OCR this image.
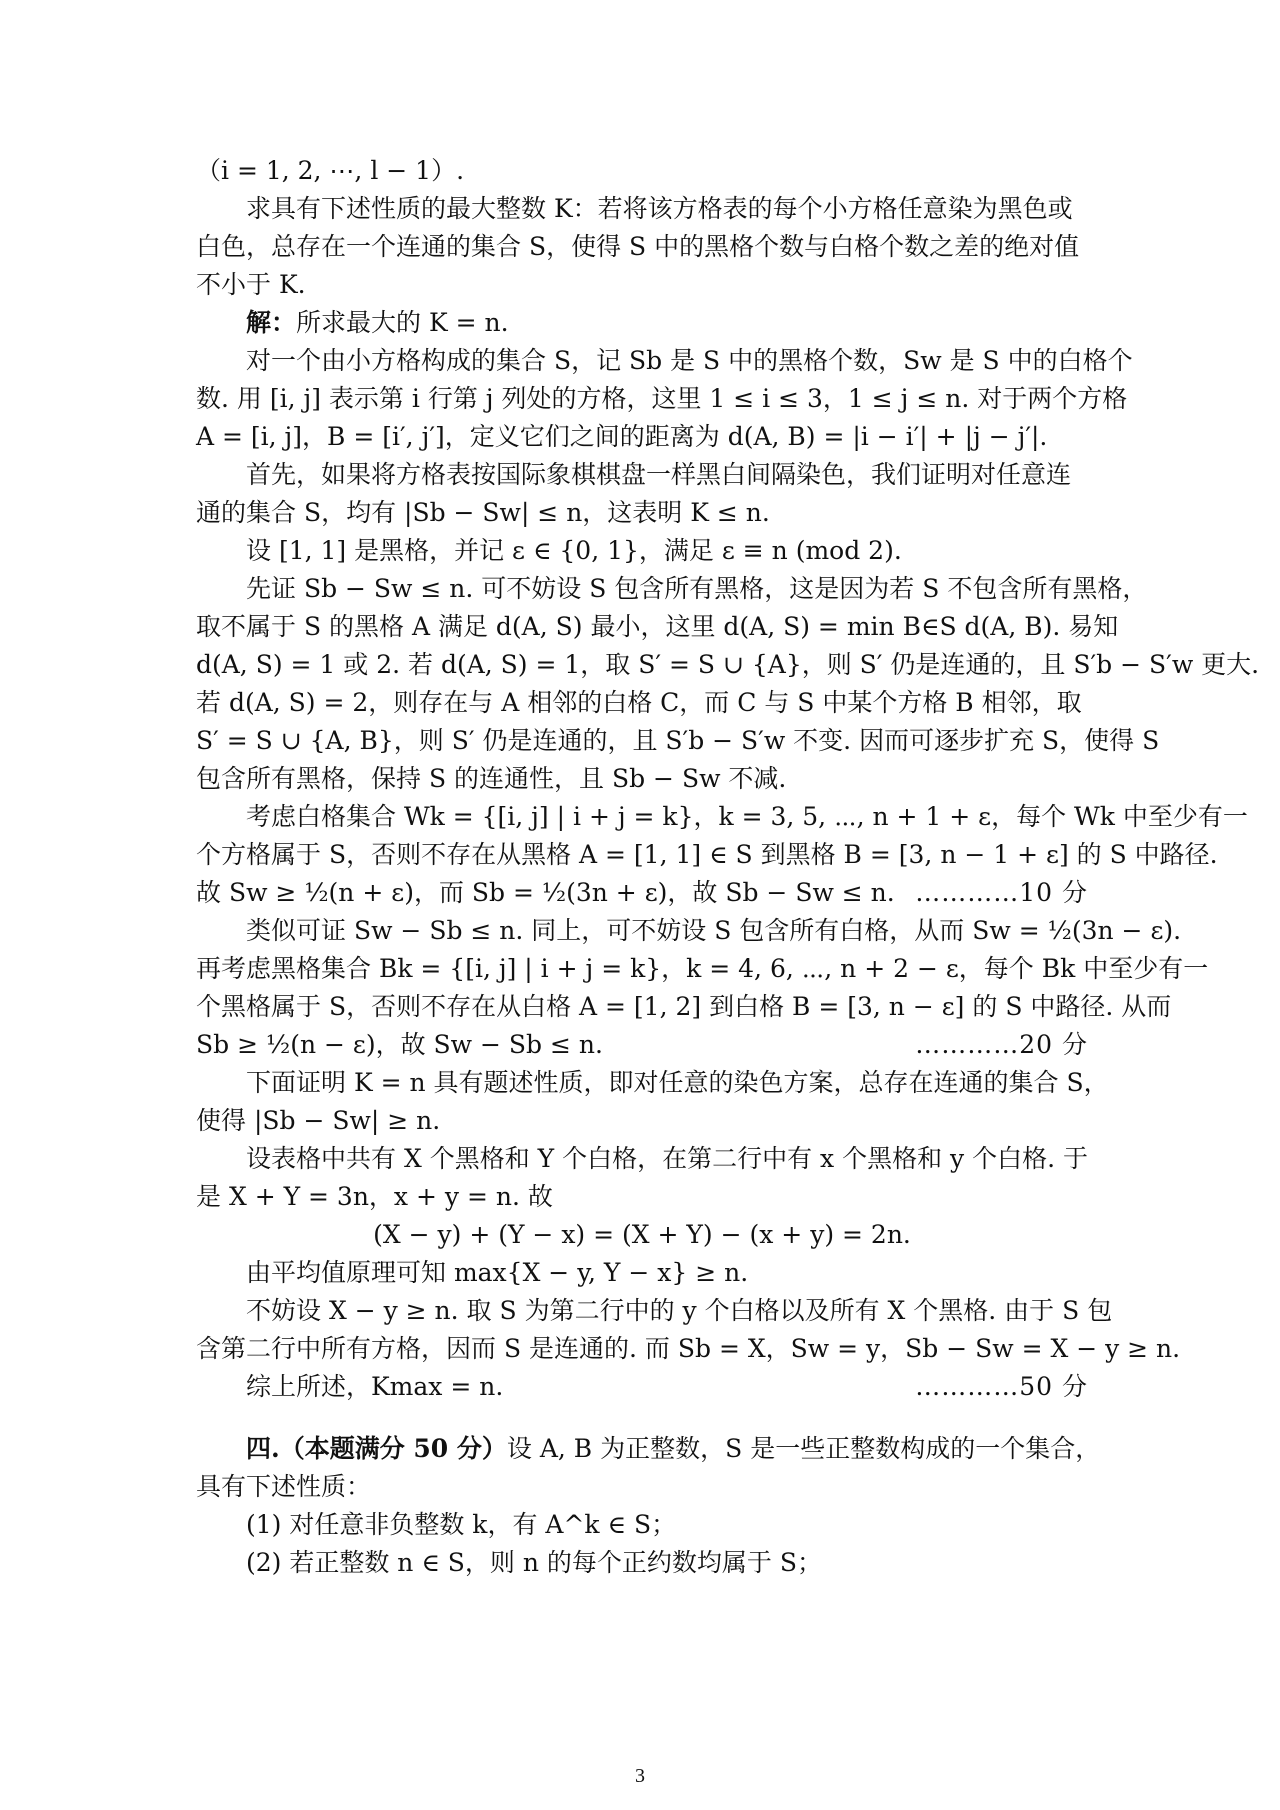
（i = 1, 2, ⋯, l − 1）.

求具有下述性质的最大整数 K：若将该方格表的每个小方格任意染为黑色或

白色，总存在一个连通的集合 S，使得 S 中的黑格个数与白格个数之差的绝对值

不小于 K.

解：所求最大的 K = n.

对一个由小方格构成的集合 S，记 Sb 是 S 中的黑格个数，Sw 是 S 中的白格个

数. 用 [i, j] 表示第 i 行第 j 列处的方格，这里 1 ≤ i ≤ 3，1 ≤ j ≤ n. 对于两个方格

A = [i, j]，B = [i′, j′]，定义它们之间的距离为 d(A, B) = |i − i′| + |j − j′|.

首先，如果将方格表按国际象棋棋盘一样黑白间隔染色，我们证明对任意连

通的集合 S，均有 |Sb − Sw| ≤ n，这表明 K ≤ n.

设 [1, 1] 是黑格，并记 ε ∈ {0, 1}，满足 ε ≡ n (mod 2).

先证 Sb − Sw ≤ n. 可不妨设 S 包含所有黑格，这是因为若 S 不包含所有黑格，

取不属于 S 的黑格 A 满足 d(A, S) 最小，这里 d(A, S) = min B∈S d(A, B). 易知

d(A, S) = 1 或 2. 若 d(A, S) = 1，取 S′ = S ∪ {A}，则 S′ 仍是连通的，且 S′b − S′w 更大.

若 d(A, S) = 2，则存在与 A 相邻的白格 C，而 C 与 S 中某个方格 B 相邻，取

S′ = S ∪ {A, B}，则 S′ 仍是连通的，且 S′b − S′w 不变. 因而可逐步扩充 S，使得 S

包含所有黑格，保持 S 的连通性，且 Sb − Sw 不减.

考虑白格集合 Wk = {[i, j] | i + j = k}，k = 3, 5, ⋯, n + 1 + ε，每个 Wk 中至少有一

个方格属于 S，否则不存在从黑格 A = [1, 1] ∈ S 到黑格 B = [3, n − 1 + ε] 的 S 中路径.

故 Sw ≥ ½(n + ε)，而 Sb = ½(3n + ε)，故 Sb − Sw ≤ n. …………10 分

类似可证 Sw − Sb ≤ n. 同上，可不妨设 S 包含所有白格，从而 Sw = ½(3n − ε).

再考虑黑格集合 Bk = {[i, j] | i + j = k}，k = 4, 6, ⋯, n + 2 − ε，每个 Bk 中至少有一

个黑格属于 S，否则不存在从白格 A = [1, 2] 到白格 B = [3, n − ε] 的 S 中路径. 从而

Sb ≥ ½(n − ε)，故 Sw − Sb ≤ n.	…………20 分

下面证明 K = n 具有题述性质，即对任意的染色方案，总存在连通的集合 S，

使得 |Sb − Sw| ≥ n.

设表格中共有 X 个黑格和 Y 个白格，在第二行中有 x 个黑格和 y 个白格. 于

是 X + Y = 3n，x + y = n. 故

(X − y) + (Y − x) = (X + Y) − (x + y) = 2n.

由平均值原理可知 max{X − y, Y − x} ≥ n.

不妨设 X − y ≥ n. 取 S 为第二行中的 y 个白格以及所有 X 个黑格. 由于 S 包

含第二行中所有方格，因而 S 是连通的. 而 Sb = X，Sw = y，Sb − Sw = X − y ≥ n.

综上所述，Kmax = n.	…………50 分

四.（本题满分 50 分）设 A, B 为正整数，S 是一些正整数构成的一个集合，

具有下述性质：

(1) 对任意非负整数 k，有 A^k ∈ S；

(2) 若正整数 n ∈ S，则 n 的每个正约数均属于 S；

3
